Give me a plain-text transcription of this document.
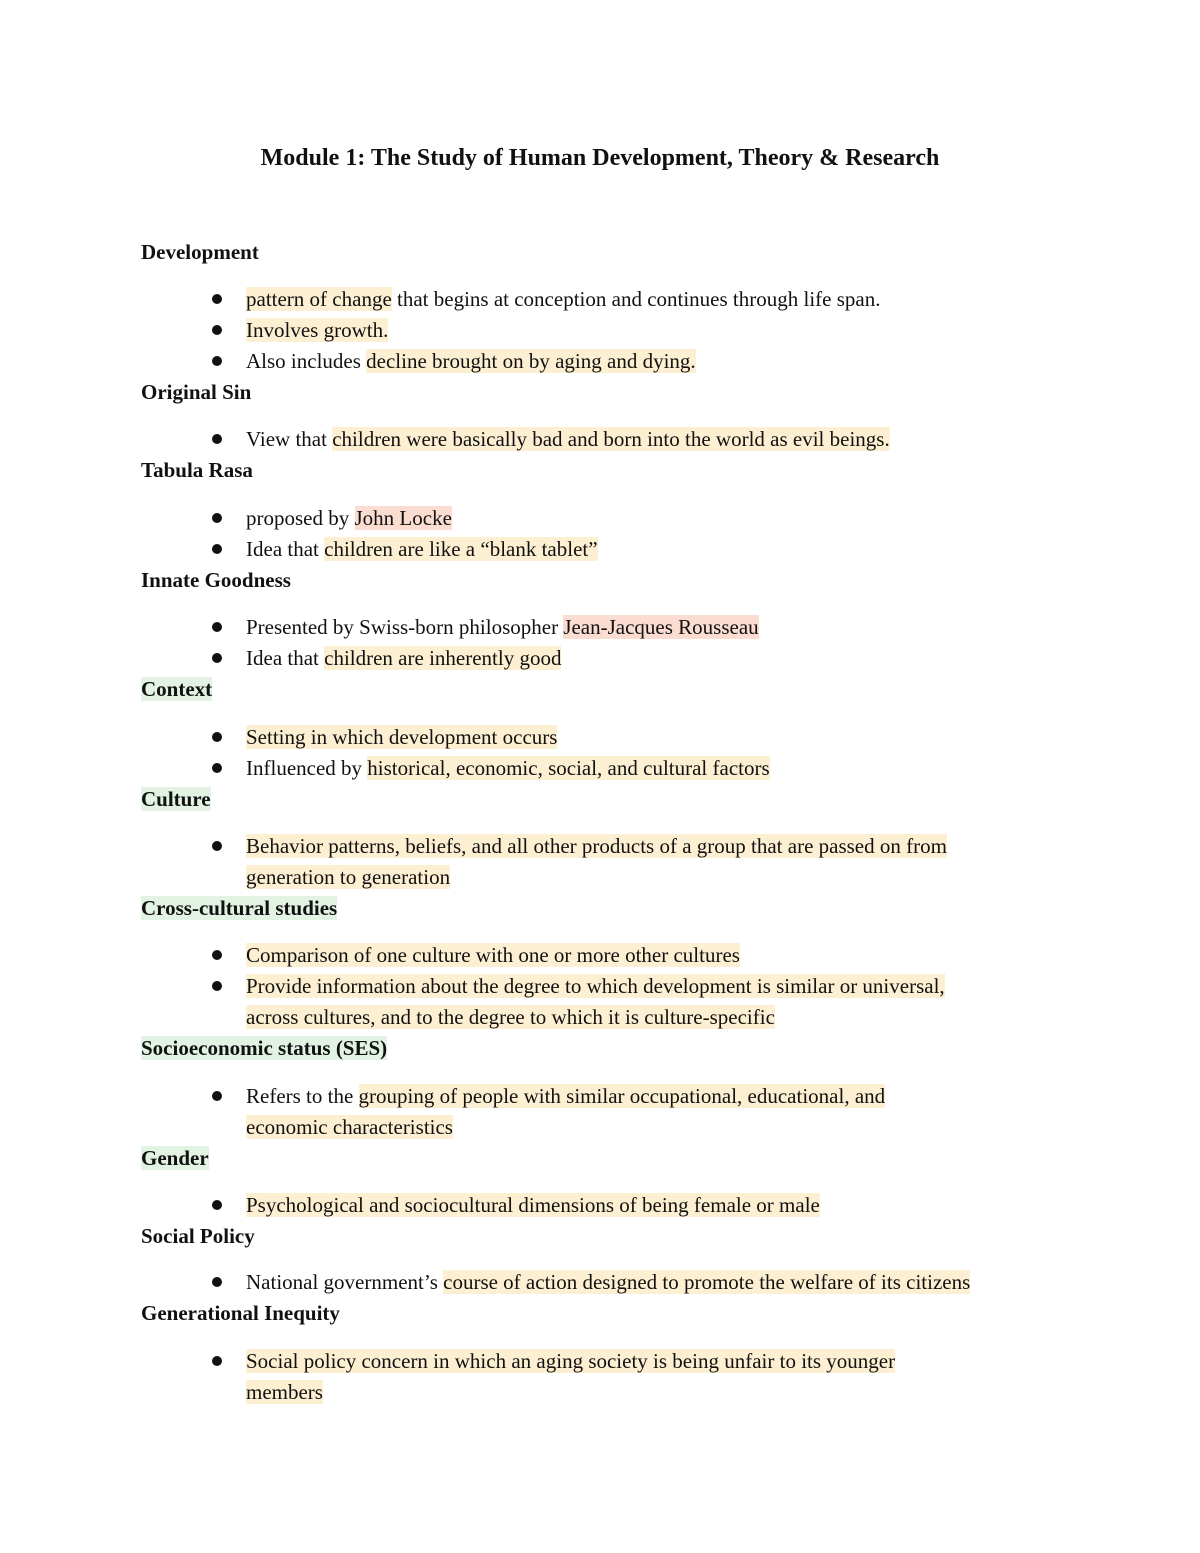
Module 1: The Study of Human Development, Theory & Research
Development
pattern of change that begins at conception and continues through life span.
Involves growth.
Also includes decline brought on by aging and dying.
Original Sin
View that children were basically bad and born into the world as evil beings.
Tabula Rasa
proposed by John Locke
Idea that children are like a “blank tablet”
Innate Goodness
Presented by Swiss-born philosopher Jean-Jacques Rousseau
Idea that children are inherently good
Context
Setting in which development occurs
Influenced by historical, economic, social, and cultural factors
Culture
Behavior patterns, beliefs, and all other products of a group that are passed on from
generation to generation
Cross-cultural studies
Comparison of one culture with one or more other cultures
Provide information about the degree to which development is similar or universal,
across cultures, and to the degree to which it is culture-specific
Socioeconomic status (SES)
Refers to the grouping of people with similar occupational, educational, and
economic characteristics
Gender
Psychological and sociocultural dimensions of being female or male
Social Policy
National government’s course of action designed to promote the welfare of its citizens
Generational Inequity
Social policy concern in which an aging society is being unfair to its younger
members
